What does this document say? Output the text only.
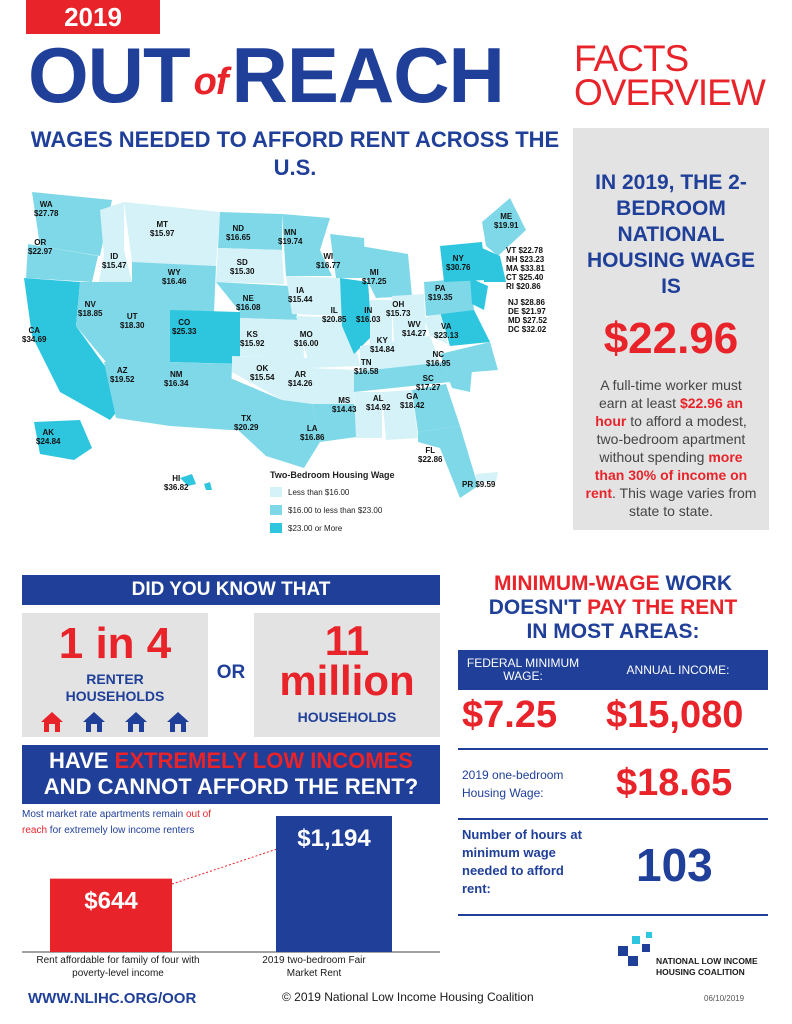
2019
OUT ofREACH FACTS
OVERVIEW
WAGES NEEDED TO AFFORD RENT ACROSS THE U.S.
WA
$27.78
OR
$22.97
CA
$34.69
ID
$15.47
NV
$18.85
MT
$15.97
WY
$16.46
UT
$18.30
AZ
$19.52
CO
$25.33
NM
$16.34
ND
$16.65
SD
$15.30
NE
$16.08
KS
$15.92
OK
$15.54
TX
$20.29
MN
$19.74
IA
$15.44
MO
$16.00
AR
$14.26
LA
$16.86
WI
$16.77
IL
$20.85
MI
$17.25
IN
$16.03
OH
$15.73
KY
$14.84
TN
$16.58
MS
$14.43
AL
$14.92
GA
$18.42
FL
$22.86
SC
$17.27
NC
$16.95
VA
$23.13
WV
$14.27
PA
$19.35
NY
$30.76
ME
$19.91
AK
$24.84
HI
$36.82	PR $9.59
VT $22.78
NH $23.23
MA $33.81
CT $25.40
RI $20.86
NJ $28.86
DE $21.97
MD $27.52
DC $32.02
Two-Bedroom Housing Wage
Less than $16.00
$16.00 to less than $23.00
$23.00 or More
IN 2019, THE 2-BEDROOM NATIONAL HOUSING WAGE IS
$22.96
A full-time worker must earn at least $22.96 an hour to afford a modest, two-bedroom apartment without spending more than 30% of income on rent. This wage varies from state to state.
DID YOU KNOW THAT
1 in 4
RENTER HOUSEHOLDS
OR
11
million
HOUSEHOLDS
HAVE EXTREMELY LOW INCOMES
AND CANNOT AFFORD THE RENT?
Most market rate apartments remain out of reach for extremely low income renters
$644
$1,194
Rent affordable for family of four with poverty-level income
2019 two-bedroom Fair Market Rent
MINIMUM-WAGE WORK
DOESN'T PAY THE RENT
IN MOST AREAS:
FEDERAL MINIMUM WAGE:	ANNUAL INCOME:
$7.25 $15,080
2019 one-bedroom Housing Wage:	$18.65
Number of hours at minimum wage needed to afford rent:	103
NATIONAL LOW INCOME
HOUSING COALITION
WWW.NLIHC.ORG/OOR	© 2019 National Low Income Housing Coalition	06/10/2019
